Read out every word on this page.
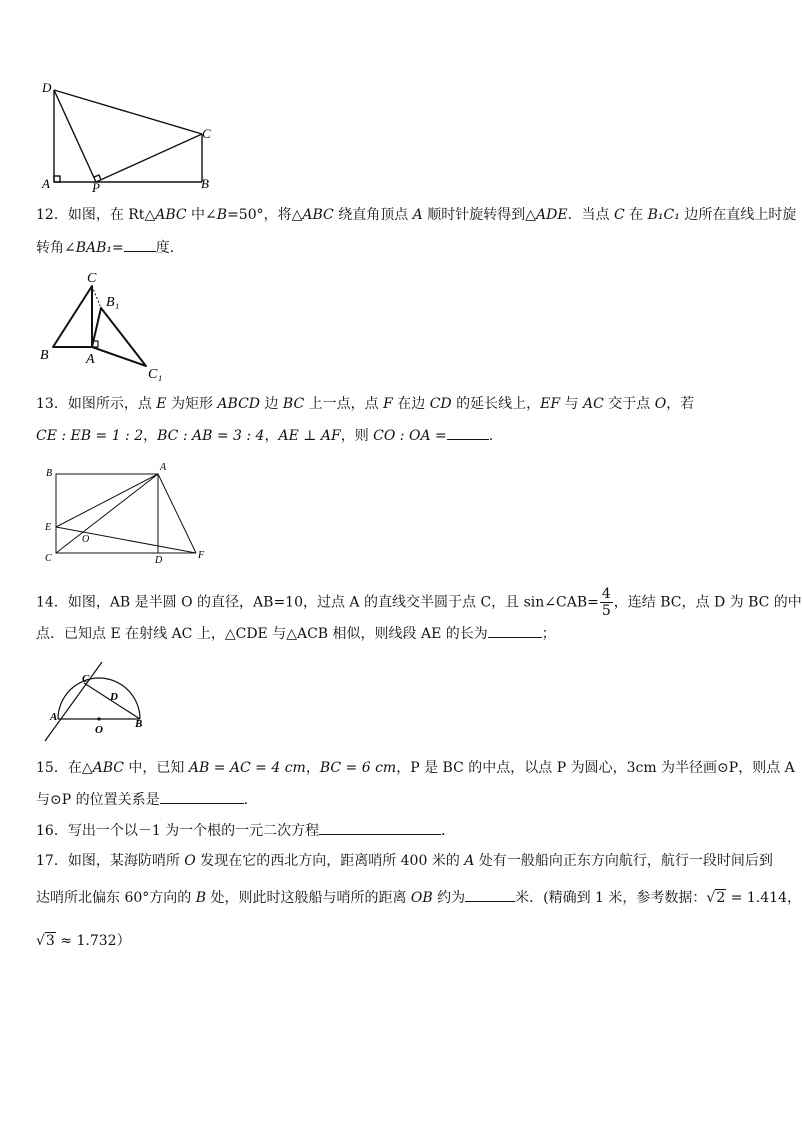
D
A	P	B
C
12．如图，在 Rt△ABC 中∠B=50°，将△ABC 绕直角顶点 A 顺时针旋转得到△ADE．当点 C 在 B₁C₁ 边所在直线上时旋
转角∠BAB₁= 度．
C
B₁
B	A
C₁
13．如图所示，点 E 为矩形 ABCD 边 BC 上一点，点 F 在边 CD 的延长线上，EF 与 AC 交于点 O，若
CE : EB = 1 : 2，BC : AB = 3 : 4，AE ⊥ AF，则 CO : OA =	.
B
A
E
O
C	D	F
14．如图，AB 是半圆 O 的直径，AB=10，过点 A 的直线交半圆于点 C，且 sin∠CAB= $\frac{4}{5}$ ，连结 BC，点 D 为 BC 的中
点．已知点 E 在射线 AC 上，△CDE 与△ACB 相似，则线段 AE 的长为	；
C
D
A
O	B
15．在△ABC 中，已知 AB = AC = 4 cm，BC = 6 cm，P 是 BC 的中点，以点 P 为圆心，3cm 为半径画⊙P，则点 A
与⊙P 的位置关系是	.
16．写出一个以－1 为一个根的一元二次方程	．
17．如图，某海防哨所 O 发现在它的西北方向，距离哨所 400 米的 A 处有一般船向正东方向航行，航行一段时间后到
达哨所北偏东 60°方向的 B 处，则此时这般船与哨所的距离 OB 约为	米．(精确到 1 米，参考数据：√2 = 1.414，
√3 ≈ 1.732）
